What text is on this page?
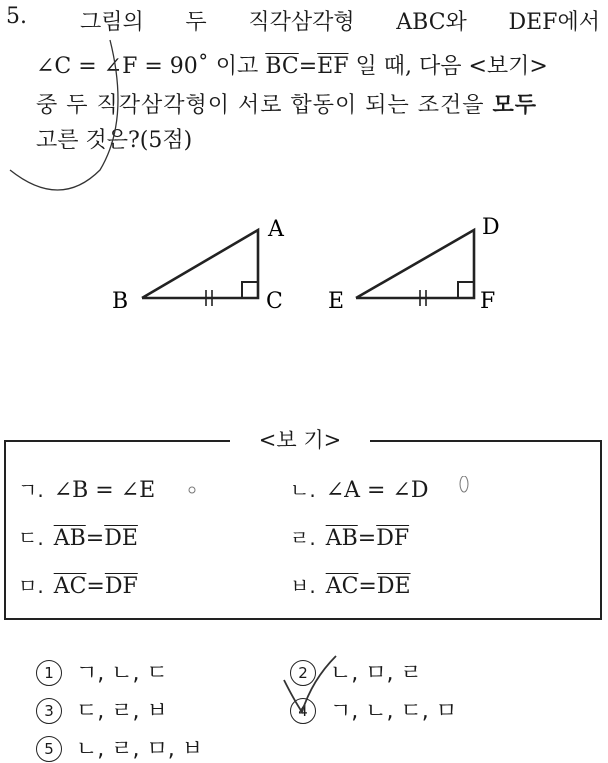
5. 그림의 두 직각삼각형 ABC와 DEF에서
∠C = ∠F = 90˚ 이고 $\overline{BC}=\overline{EF}$ 일 때, 다음 <보기>
중 두 직각삼각형이 서로 합동이 되는 조건을 모두
고른 것은?(5점)
A
B	C
D
E	F
<보 기>
ㄱ. ∠B = ∠E	ㄴ. ∠A = ∠D
ㄷ. $\overline{AB}=\overline{DE}$	ㄹ. $\overline{AB}=\overline{DF}$
ㅁ. $\overline{AC}=\overline{DF}$	ㅂ. $\overline{AC}=\overline{DE}$
1 ㄱ, ㄴ, ㄷ	2 ㄴ, ㅁ, ㄹ
3 ㄷ, ㄹ, ㅂ	4 ㄱ, ㄴ, ㄷ, ㅁ
5 ㄴ, ㄹ, ㅁ, ㅂ
